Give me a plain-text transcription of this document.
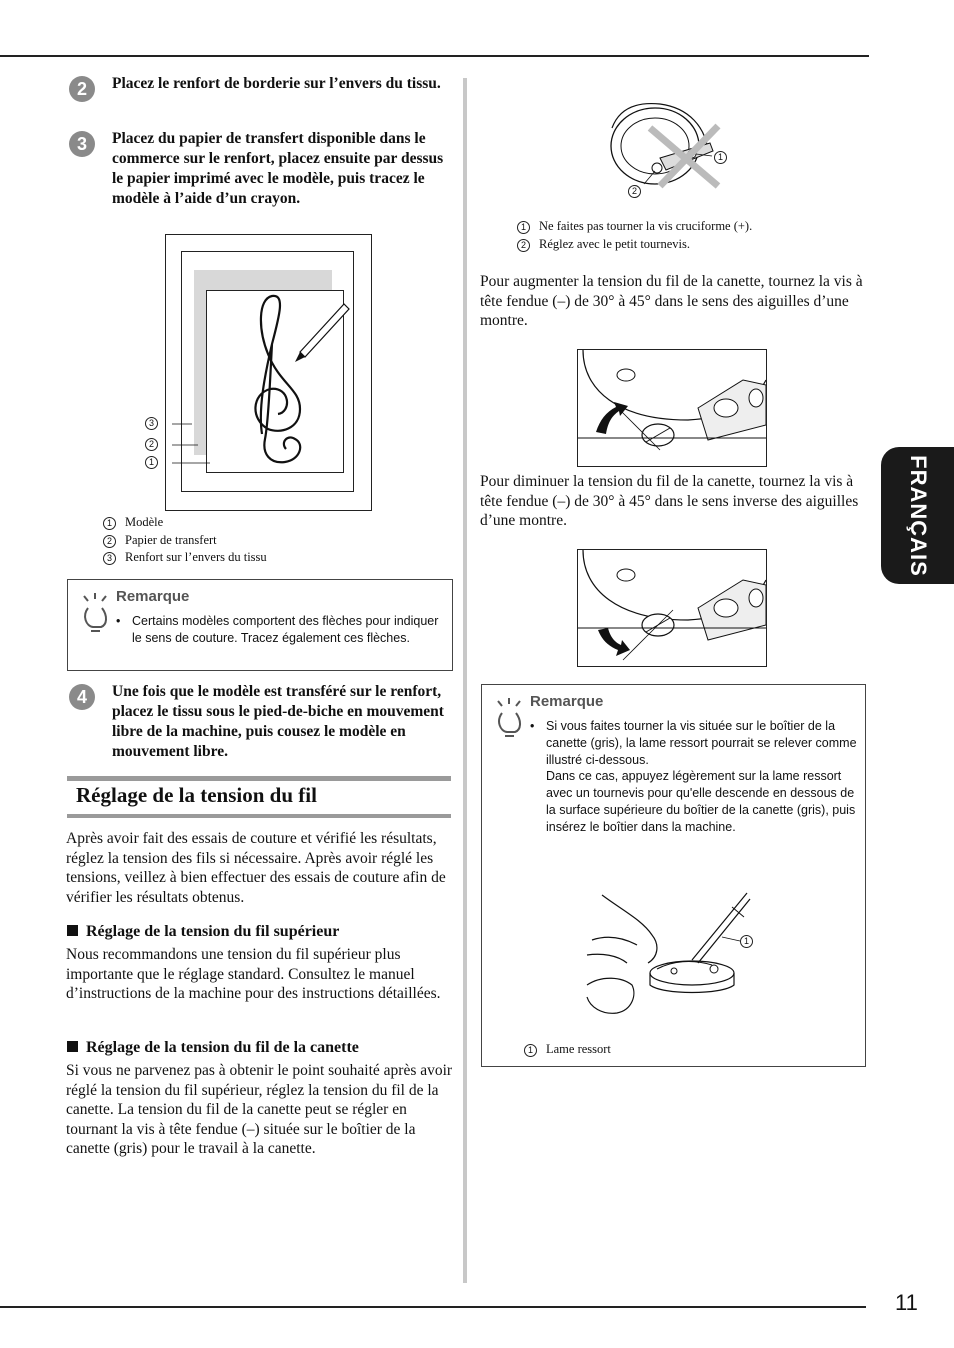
11
FRANÇAIS
2	Placez le renfort de borderie sur l’envers du tissu.
3	Placez du papier de transfert disponible dans le commerce sur le renfort, placez ensuite par dessus le papier imprimé avec le modèle, puis tracez le modèle à l’aide d’un crayon.
3
2
1
1 Modèle
2 Papier de transfert
3 Renfort sur l’envers du tissu
Remarque
• Certains modèles comportent des flèches pour indiquer le sens de couture. Tracez également ces flèches.
4	Une fois que le modèle est transféré sur le renfort, placez le tissu sous le pied-de-biche en mouvement libre de la machine, puis cousez le modèle en mouvement libre.
Réglage de la tension du fil
Après avoir fait des essais de couture et vérifié les résultats, réglez la tension des fils si nécessaire. Après avoir réglé les tensions, veillez à bien effectuer des essais de couture afin de vérifier les résultats obtenus.
Réglage de la tension du fil supérieur
Nous recommandons une tension du fil supérieur plus importante que le réglage standard. Consultez le manuel d’instructions de la machine pour des instructions détaillées.
Réglage de la tension du fil de la canette
Si vous ne parvenez pas à obtenir le point souhaité après avoir réglé la tension du fil supérieur, réglez la tension du fil de la canette. La tension du fil de la canette peut se régler en tournant la vis à tête fendue (–) située sur le boîtier de la canette (gris) pour le travail à la canette.
1
2
1 Ne faites pas tourner la vis cruciforme (+).
2 Réglez avec le petit tournevis.
Pour augmenter la tension du fil de la canette, tournez la vis à tête fendue (–) de 30° à 45° dans le sens des aiguilles d’une montre.
Pour diminuer la tension du fil de la canette, tournez la vis à tête fendue (–) de 30° à 45° dans le sens inverse des aiguilles d’une montre.
Remarque
• Si vous faites tourner la vis située sur le boîtier de la canette (gris), la lame ressort pourrait se relever comme illustré ci-dessous.
Dans ce cas, appuyez légèrement sur la lame ressort avec un tournevis pour qu'elle descende en dessous de la surface supérieure du boîtier de la canette (gris), puis insérez le boîtier dans la machine.
1
1 Lame ressort
